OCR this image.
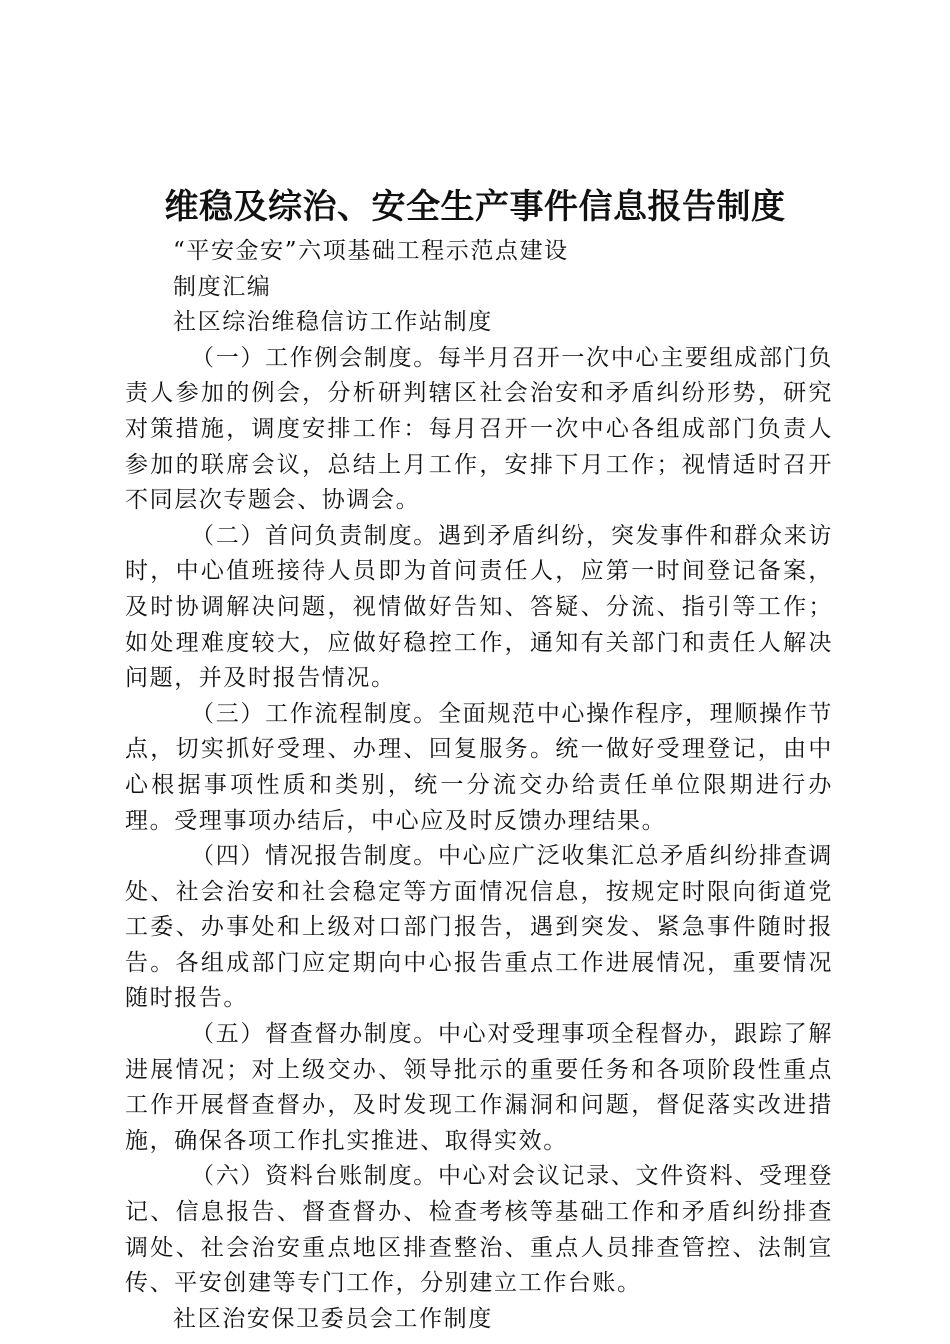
维稳及综治、安全生产事件信息报告制度

“平安金安”六项基础工程示范点建设

制度汇编

社区综治维稳信访工作站制度

（一）工作例会制度。每半月召开一次中心主要组成部门负责人参加的例会，分析研判辖区社会治安和矛盾纠纷形势，研究对策措施，调度安排工作：每月召开一次中心各组成部门负责人参加的联席会议，总结上月工作，安排下月工作；视情适时召开不同层次专题会、协调会。

（二）首问负责制度。遇到矛盾纠纷，突发事件和群众来访时，中心值班接待人员即为首问责任人，应第一时间登记备案，及时协调解决问题，视情做好告知、答疑、分流、指引等工作；如处理难度较大，应做好稳控工作，通知有关部门和责任人解决问题，并及时报告情况。

（三）工作流程制度。全面规范中心操作程序，理顺操作节点，切实抓好受理、办理、回复服务。统一做好受理登记，由中心根据事项性质和类别，统一分流交办给责任单位限期进行办理。受理事项办结后，中心应及时反馈办理结果。

（四）情况报告制度。中心应广泛收集汇总矛盾纠纷排查调处、社会治安和社会稳定等方面情况信息，按规定时限向街道党工委、办事处和上级对口部门报告，遇到突发、紧急事件随时报告。各组成部门应定期向中心报告重点工作进展情况，重要情况随时报告。

（五）督查督办制度。中心对受理事项全程督办，跟踪了解进展情况；对上级交办、领导批示的重要任务和各项阶段性重点工作开展督查督办，及时发现工作漏洞和问题，督促落实改进措施，确保各项工作扎实推进、取得实效。

（六）资料台账制度。中心对会议记录、文件资料、受理登记、信息报告、督查督办、检查考核等基础工作和矛盾纠纷排查调处、社会治安重点地区排查整治、重点人员排查管控、法制宣传、平安创建等专门工作，分别建立工作台账。

社区治安保卫委员会工作制度
